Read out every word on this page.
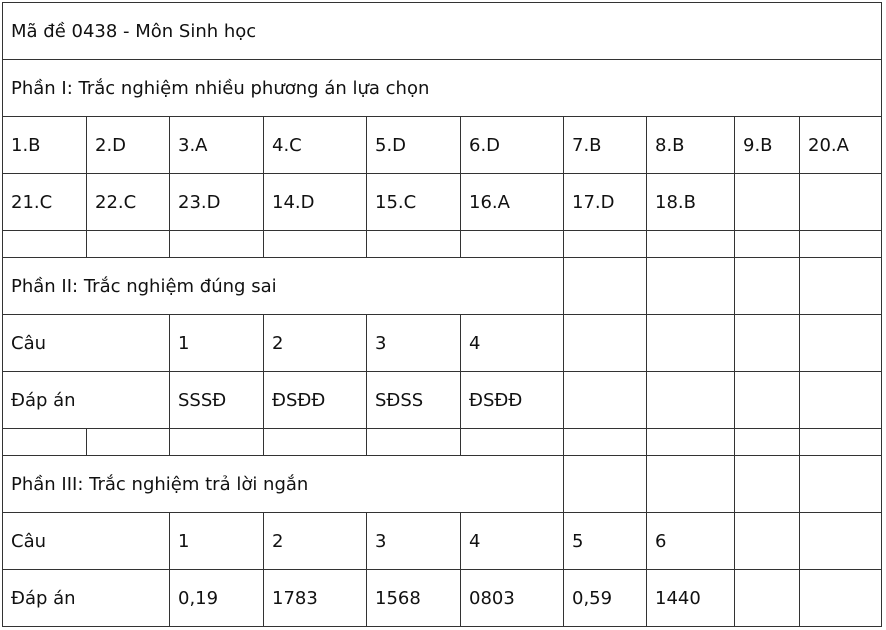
Mã đề 0438 - Môn Sinh học									
Phần I: Trắc nghiệm nhiều phương án lựa chọn									
1.B	2.D	3.A	4.C	5.D	6.D	7.B	8.B	9.B	20.A
21.C	22.C	23.D	14.D	15.C	16.A	17.D	18.B		

Phần II: Trắc nghiệm đúng sai									
Câu		1	2	3	4				
Đáp án		SSSĐ	ĐSĐĐ	SĐSS	ĐSĐĐ				

Phần III: Trắc nghiệm trả lời ngắn									
Câu		1	2	3	4	5	6		
Đáp án		0,19	1783	1568	0803	0,59	1440		
